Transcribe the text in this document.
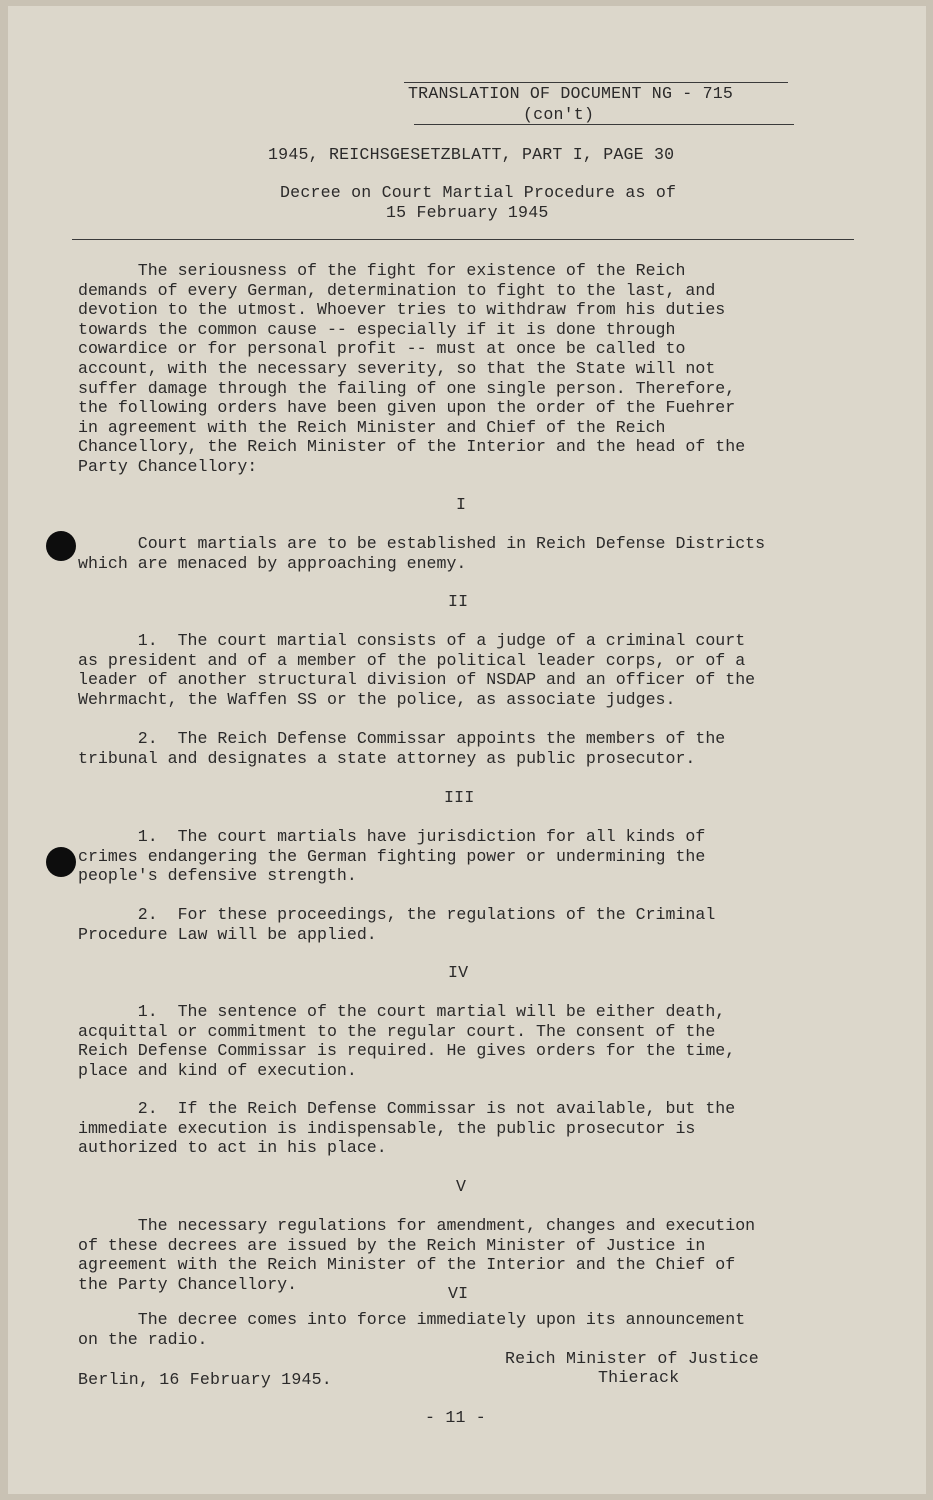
TRANSLATION OF DOCUMENT NG - 715
(con't)
1945, REICHSGESETZBLATT, PART I, PAGE 30
Decree on Court Martial Procedure as of
15 February 1945
The seriousness of the fight for existence of the Reich
demands of every German, determination to fight to the last, and
devotion to the utmost. Whoever tries to withdraw from his duties
towards the common cause -- especially if it is done through
cowardice or for personal profit -- must at once be called to
account, with the necessary severity, so that the State will not
suffer damage through the failing of one single person. Therefore,
the following orders have been given upon the order of the Fuehrer
in agreement with the Reich Minister and Chief of the Reich
Chancellory, the Reich Minister of the Interior and the head of the
Party Chancellory:
I
Court martials are to be established in Reich Defense Districts
which are menaced by approaching enemy.
II
1.  The court martial consists of a judge of a criminal court
as president and of a member of the political leader corps, or of a
leader of another structural division of NSDAP and an officer of the
Wehrmacht, the Waffen SS or the police, as associate judges.
2.  The Reich Defense Commissar appoints the members of the
tribunal and designates a state attorney as public prosecutor.
III
1.  The court martials have jurisdiction for all kinds of
crimes endangering the German fighting power or undermining the
people's defensive strength.
2.  For these proceedings, the regulations of the Criminal
Procedure Law will be applied.
IV
1.  The sentence of the court martial will be either death,
acquittal or commitment to the regular court. The consent of the
Reich Defense Commissar is required. He gives orders for the time,
place and kind of execution.
2.  If the Reich Defense Commissar is not available, but the
immediate execution is indispensable, the public prosecutor is
authorized to act in his place.
V
The necessary regulations for amendment, changes and execution
of these decrees are issued by the Reich Minister of Justice in
agreement with the Reich Minister of the Interior and the Chief of
the Party Chancellory.	VI
The decree comes into force immediately upon its announcement
on the radio.
Reich Minister of Justice
Berlin, 16 February 1945.	Thierack
- 11 -
